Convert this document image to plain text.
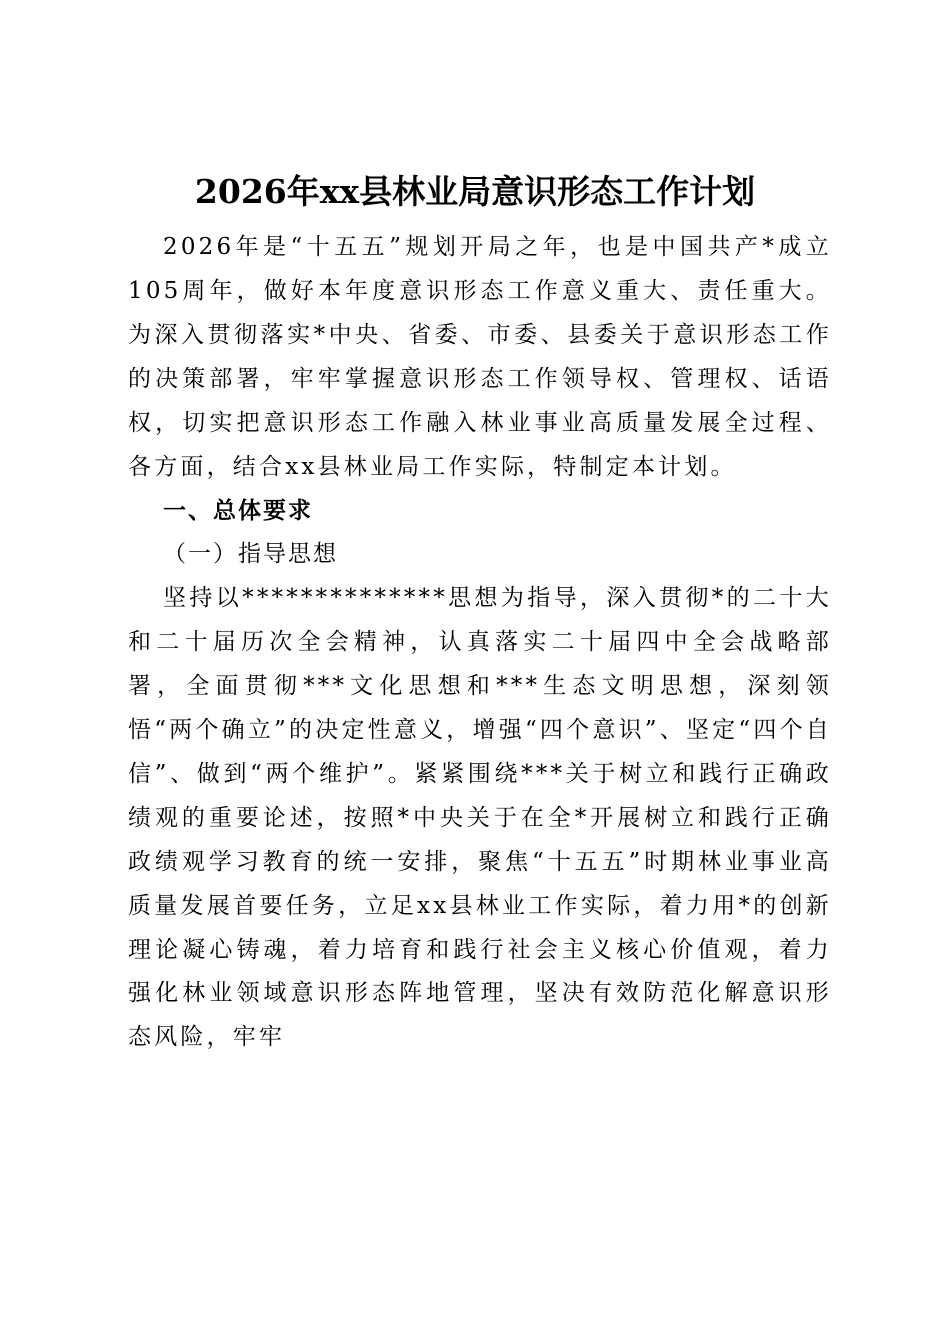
2026年xx县林业局意识形态工作计划

2026年是“十五五”规划开局之年，也是中国共产*成立105周年，做好本年度意识形态工作意义重大、责任重大。为深入贯彻落实*中央、省委、市委、县委关于意识形态工作的决策部署，牢牢掌握意识形态工作领导权、管理权、话语权，切实把意识形态工作融入林业事业高质量发展全过程、各方面，结合xx县林业局工作实际，特制定本计划。

一、总体要求

（一）指导思想

坚持以**************思想为指导，深入贯彻*的二十大和二十届历次全会精神，认真落实二十届四中全会战略部署，全面贯彻***文化思想和***生态文明思想，深刻领悟“两个确立”的决定性意义，增强“四个意识”、坚定“四个自信”、做到“两个维护”。紧紧围绕***关于树立和践行正确政绩观的重要论述，按照*中央关于在全*开展树立和践行正确政绩观学习教育的统一安排，聚焦“十五五”时期林业事业高质量发展首要任务，立足xx县林业工作实际，着力用*的创新理论凝心铸魂，着力培育和践行社会主义核心价值观，着力强化林业领域意识形态阵地管理，坚决有效防范化解意识形态风险，牢牢
